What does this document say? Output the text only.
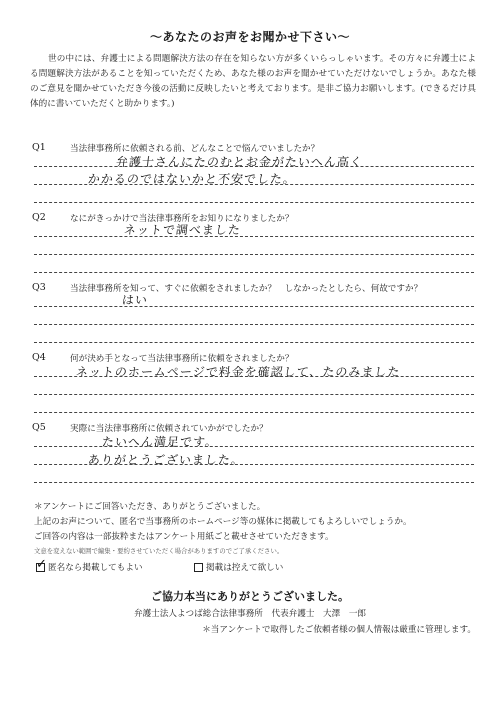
〜あなたのお声をお聞かせ下さい〜
世の中には、弁護士による問題解決方法の存在を知らない方が多くいらっしゃいます。その方々に弁護士による問題解決方法があることを知っていただくため、あなた様のお声を聞かせていただけないでしょうか。あなた様のご意見を聞かせていただき今後の活動に反映したいと考えております。是非ご協力お願いします。(できるだけ具体的に書いていただくと助かります。)
Q1	当法律事務所に依頼される前、どんなことで悩んでいましたか？
弁護士さんにたのむとお金がたいへん高く
かかるのではないかと不安でした。
Q2	なにがきっかけで当法律事務所をお知りになりましたか？
ネットで調べました
Q3	当法律事務所を知って、すぐに依頼をされましたか？　しなかったとしたら、何故ですか？
はい
Q4	何が決め手となって当法律事務所に依頼をされましたか？
ネットのホームページで料金を確認して、たのみました
Q5	実際に当法律事務所に依頼されていかがでしたか？
たいへん満足です。
ありがとうございました。
＊アンケートにご回答いただき、ありがとうございました。
上記のお声について、匿名で当事務所のホームページ等の媒体に掲載してもよろしいでしょうか。
ご回答の内容は一部抜粋またはアンケート用紙ごと載せさせていただきます。
文意を変えない範囲で編集・要約させていただく場合がありますのでご了承ください。
✓ 匿名なら掲載してもよい	掲載は控えて欲しい
ご協力本当にありがとうございました。
弁護士法人よつば総合法律事務所　代表弁護士　大澤　一郎
＊当アンケートで取得したご依頼者様の個人情報は厳重に管理します。
